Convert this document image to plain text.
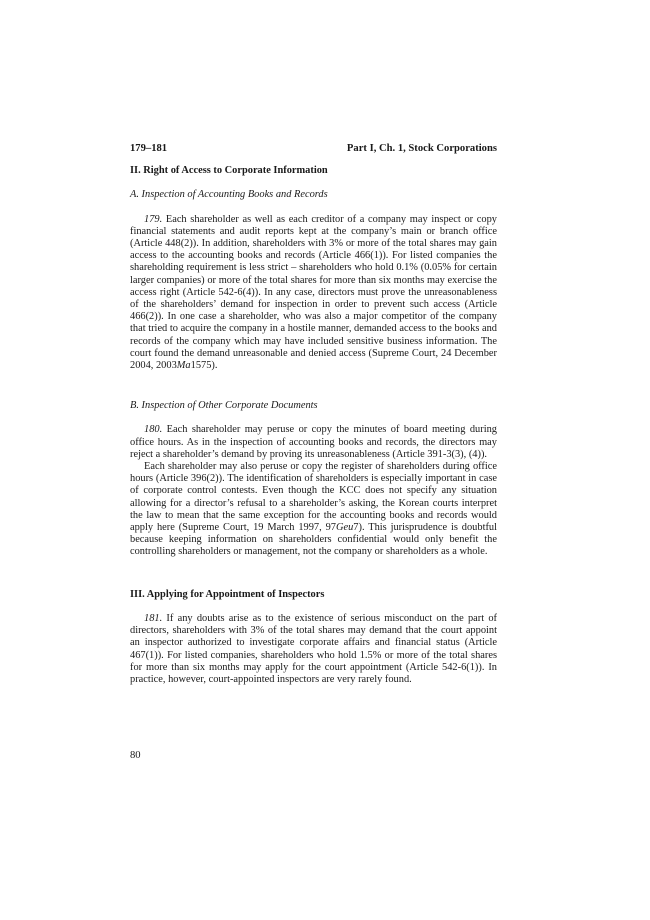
179–181	Part I, Ch. 1, Stock Corporations
II. Right of Access to Corporate Information
A. Inspection of Accounting Books and Records

179. Each shareholder as well as each creditor of a company may inspect or copy financial statements and audit reports kept at the company’s main or branch office (Article 448(2)). In addition, shareholders with 3% or more of the total shares may gain access to the accounting books and records (Article 466(1)). For listed companies the shareholding requirement is less strict – shareholders who hold 0.1% (0.05% for certain larger companies) or more of the total shares for more than six months may exercise the access right (Article 542-6(4)). In any case, directors must prove the unreasonableness of the shareholders’ demand for inspection in order to prevent such access (Article 466(2)). In one case a shareholder, who was also a major competitor of the company that tried to acquire the company in a hostile manner, demanded access to the books and records of the company which may have included sensitive business information. The court found the demand unreasonable and denied access (Supreme Court, 24 December 2004, 2003Ma1575).

B. Inspection of Other Corporate Documents

180. Each shareholder may peruse or copy the minutes of board meeting during office hours. As in the inspection of accounting books and records, the directors may reject a shareholder’s demand by proving its unreasonableness (Article 391-3(3), (4)).

Each shareholder may also peruse or copy the register of shareholders during office hours (Article 396(2)). The identification of shareholders is especially important in case of corporate control contests. Even though the KCC does not specify any situation allowing for a director’s refusal to a shareholder’s asking, the Korean courts interpret the law to mean that the same exception for the accounting books and records would apply here (Supreme Court, 19 March 1997, 97Geu7). This jurisprudence is doubtful because keeping information on shareholders confidential would only benefit the controlling shareholders or management, not the company or shareholders as a whole.

III. Applying for Appointment of Inspectors

181. If any doubts arise as to the existence of serious misconduct on the part of directors, shareholders with 3% of the total shares may demand that the court appoint an inspector authorized to investigate corporate affairs and financial status (Article 467(1)). For listed companies, shareholders who hold 1.5% or more of the total shares for more than six months may apply for the court appointment (Article 542-6(1)). In practice, however, court-appointed inspectors are very rarely found.

80
